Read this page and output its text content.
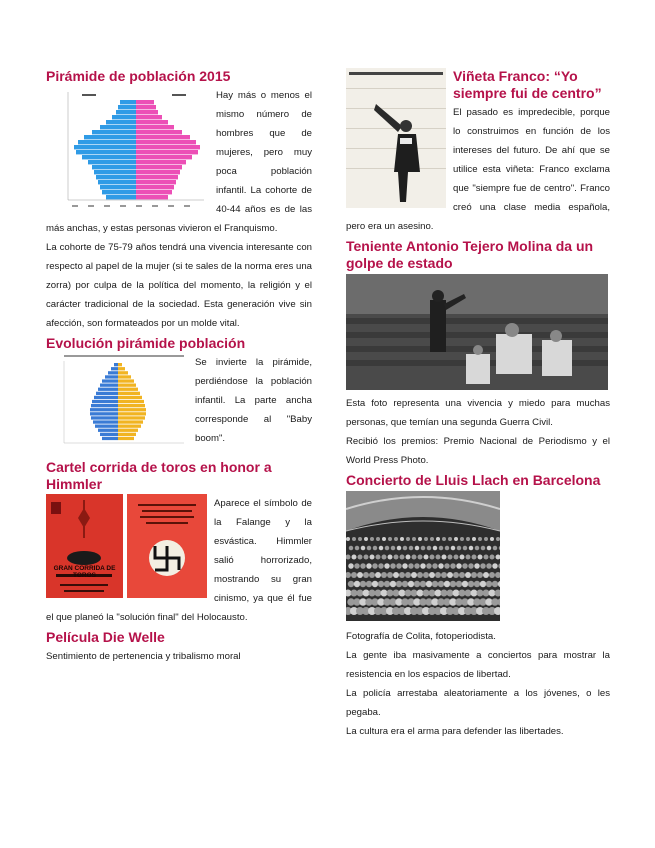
Pirámide de población 2015

Hay más o menos el mismo número de hombres que de mujeres, pero muy poca población infantil. La cohorte de 40-44 años es de las más anchas, y estas personas vivieron el Franquismo.

La cohorte de 75-79 años tendrá una vivencia interesante con respecto al papel de la mujer (si te sales de la norma eres una zorra) por culpa de la política del momento, la religión y el carácter tradicional de la sociedad. Esta generación vive sin afección, son formateados por un molde vital.

Evolución pirámide población

Se invierte la pirámide, perdiéndose la población infantil. La parte ancha corresponde al "Baby boom".

Cartel corrida de toros en honor a Himmler
GRAN CORRIDA DE TOROS

Aparece el símbolo de la Falange y la esvástica. Himmler salió horrorizado, mostrando su gran cinismo, ya que él fue el que planeó la "solución final" del Holocausto.

Película Die Welle

Sentimiento de pertenencia y tribalismo moral

Viñeta Franco: “Yo siempre fui de centro”

El pasado es impredecible, porque lo construimos en función de los intereses del futuro. De ahí que se utilice esta viñeta: Franco exclama que "siempre fue de centro". Franco creó una clase media española, pero era un asesino.

Teniente Antonio Tejero Molina da un golpe de estado

Esta foto representa una vivencia y miedo para muchas personas, que temían una segunda Guerra Civil.

Recibió los premios: Premio Nacional de Periodismo y el World Press Photo.

Concierto de Lluis Llach en Barcelona

Fotografía de Colita, fotoperiodista.

La gente iba masivamente a conciertos para mostrar la resistencia en los espacios de libertad.

La policía arrestaba aleatoriamente a los jóvenes, o les pegaba.

La cultura era el arma para defender las libertades.
